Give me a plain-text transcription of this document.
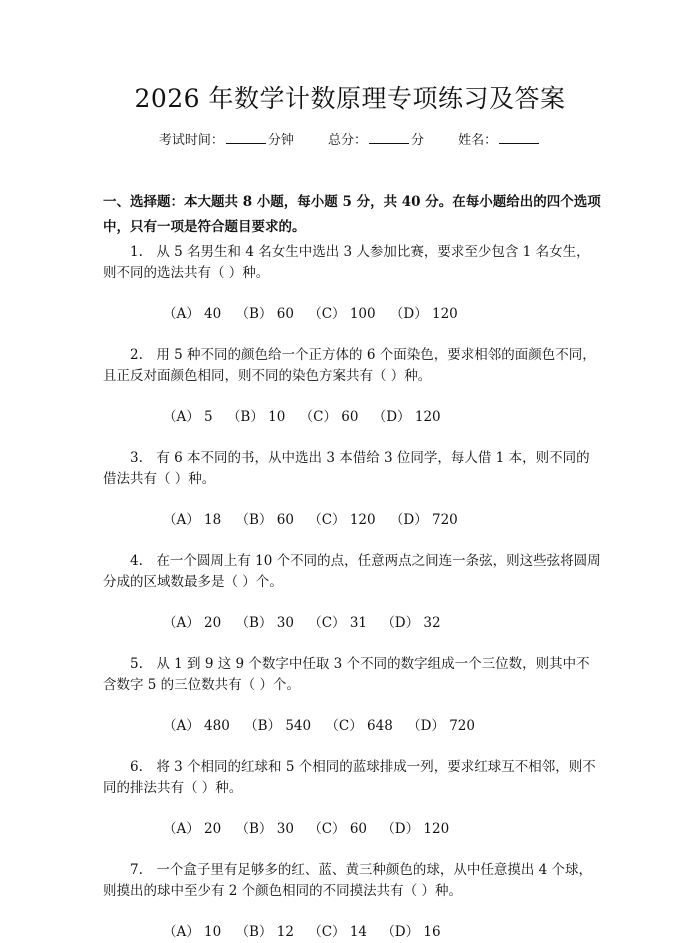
2026 年数学计数原理专项练习及答案
考试时间：	分钟	总分：	分	姓名：
一、选择题：本大题共 8 小题，每小题 5 分，共 40 分。在每小题给出的四个选项
中，只有一项是符合题目要求的。

1.　从 5 名男生和 4 名女生中选出 3 人参加比赛，要求至少包含 1 名女生，则不同的选法共有（ ）种。

（A） 40 （B） 60 （C） 100 （D） 120

2.　用 5 种不同的颜色给一个正方体的 6 个面染色，要求相邻的面颜色不同，且正反对面颜色相同，则不同的染色方案共有（ ）种。

（A） 5 （B） 10 （C） 60 （D） 120

3.　有 6 本不同的书，从中选出 3 本借给 3 位同学，每人借 1 本，则不同的借法共有（ ）种。

（A） 18 （B） 60 （C） 120 （D） 720

4.　在一个圆周上有 10 个不同的点，任意两点之间连一条弦，则这些弦将圆周分成的区域数最多是（ ）个。

（A） 20 （B） 30 （C） 31 （D） 32

5.　从 1 到 9 这 9 个数字中任取 3 个不同的数字组成一个三位数，则其中不含数字 5 的三位数共有（ ）个。

（A） 480 （B） 540 （C） 648 （D） 720

6.　将 3 个相同的红球和 5 个相同的蓝球排成一列，要求红球互不相邻，则不同的排法共有（ ）种。

（A） 20 （B） 30 （C） 60 （D） 120

7.　一个盒子里有足够多的红、蓝、黄三种颜色的球，从中任意摸出 4 个球，则摸出的球中至少有 2 个颜色相同的不同摸法共有（ ）种。

（A） 10 （B） 12 （C） 14 （D） 16
